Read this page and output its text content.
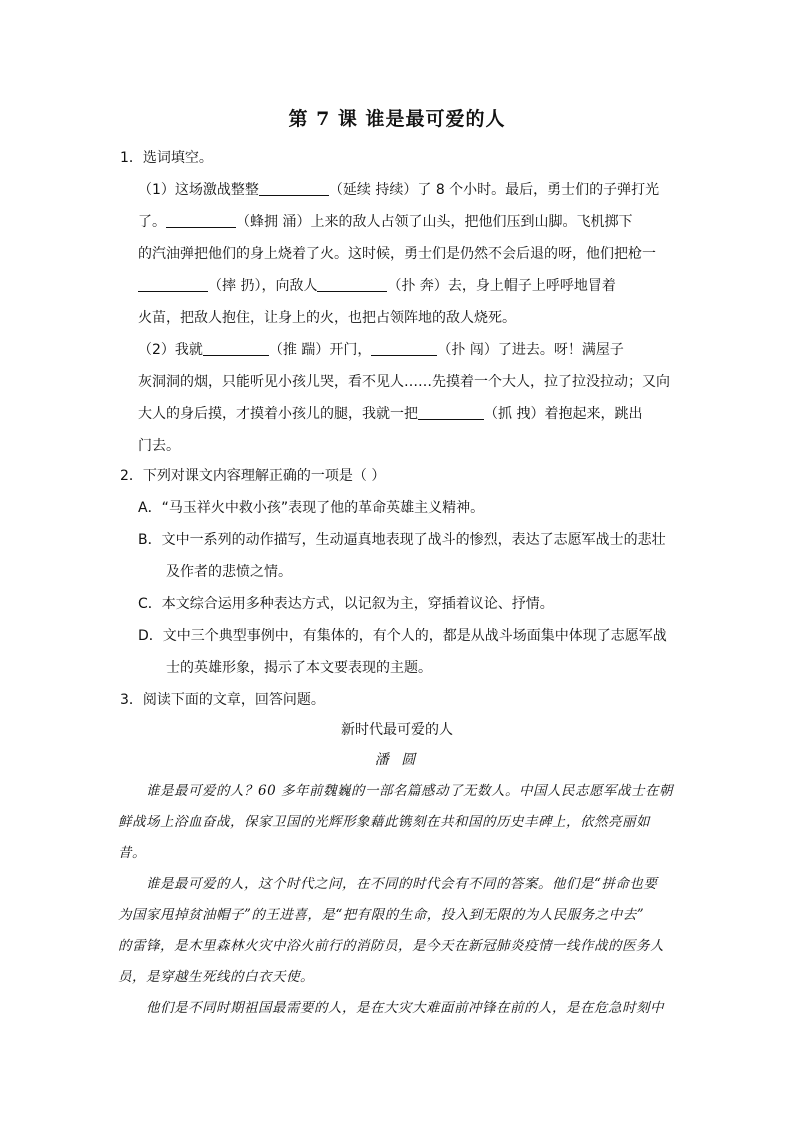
第 7 课 谁是最可爱的人
1．选词填空。
（1）这场激战整整	（延续 持续）了 8 个小时。最后，勇士们的子弹打光
了。	（蜂拥 涌）上来的敌人占领了山头，把他们压到山脚。飞机掷下
的汽油弹把他们的身上烧着了火。这时候，勇士们是仍然不会后退的呀，他们把枪一
（摔 扔），向敌人	（扑 奔）去，身上帽子上呼呼地冒着
火苗，把敌人抱住，让身上的火，也把占领阵地的敌人烧死。
（2）我就	（推 踹）开门，	（扑 闯）了进去。呀！满屋子
灰洞洞的烟，只能听见小孩儿哭，看不见人……先摸着一个大人，拉了拉没拉动；又向
大人的身后摸，才摸着小孩儿的腿，我就一把	（抓 拽）着抱起来，跳出
门去。
2．下列对课文内容理解正确的一项是（ ）
A．“马玉祥火中救小孩”表现了他的革命英雄主义精神。
B．文中一系列的动作描写，生动逼真地表现了战斗的惨烈，表达了志愿军战士的悲壮
及作者的悲愤之情。
C．本文综合运用多种表达方式，以记叙为主，穿插着议论、抒情。
D．文中三个典型事例中，有集体的，有个人的，都是从战斗场面集中体现了志愿军战
士的英雄形象，揭示了本文要表现的主题。
3．阅读下面的文章，回答问题。
新时代最可爱的人
潘 圆
谁是最可爱的人？60 多年前魏巍的一部名篇感动了无数人。中国人民志愿军战士在朝
鲜战场上浴血奋战，保家卫国的光辉形象藉此镌刻在共和国的历史丰碑上，依然亮丽如
昔。
谁是最可爱的人，这个时代之问，在不同的时代会有不同的答案。他们是“拼命也要
为国家甩掉贫油帽子”的王进喜，是“把有限的生命，投入到无限的为人民服务之中去”
的雷锋，是木里森林火灾中浴火前行的消防员，是今天在新冠肺炎疫情一线作战的医务人
员，是穿越生死线的白衣天使。
他们是不同时期祖国最需要的人，是在大灾大难面前冲锋在前的人，是在危急时刻中
